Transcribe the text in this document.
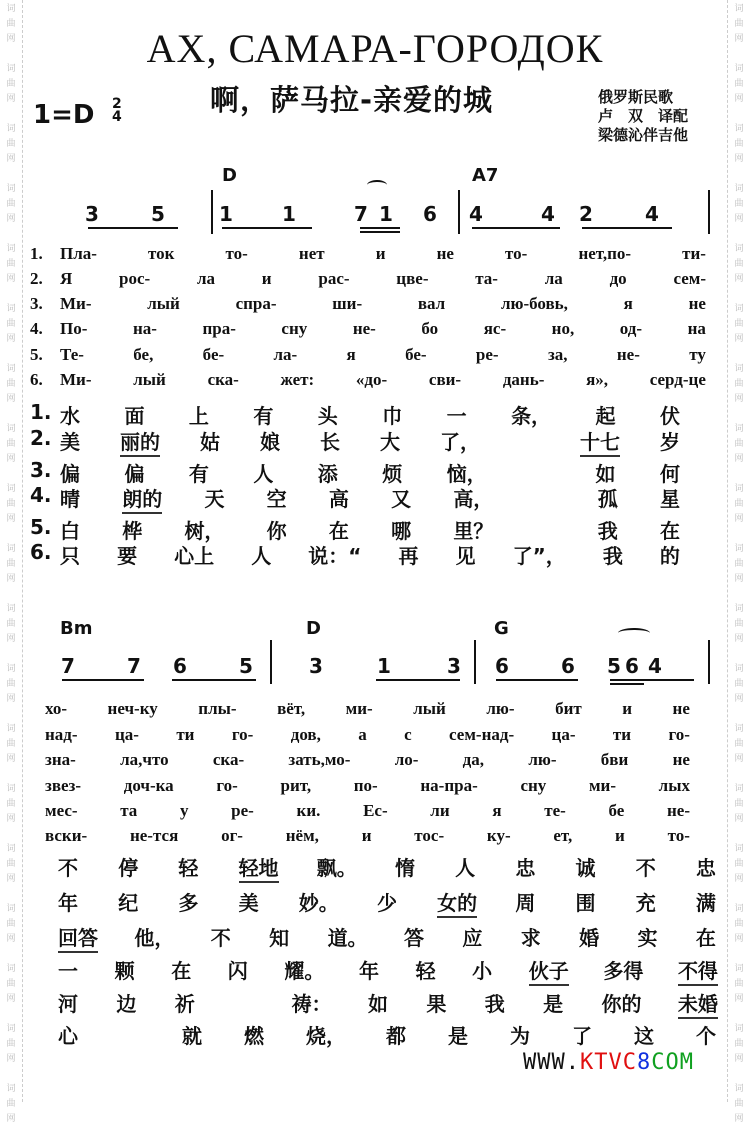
词曲网
词曲网
词曲网
词曲网
词曲网
词曲网
词曲网
词曲网
词曲网
词曲网
词曲网
词曲网
词曲网
词曲网
词曲网
词曲网
词曲网
词曲网
词曲网
词曲网
词曲网
词曲网
词曲网
词曲网
词曲网
词曲网
词曲网
词曲网
词曲网
词曲网
词曲网
词曲网
词曲网
词曲网
词曲网
词曲网
词曲网
词曲网
АХ, САМАРА-ГОРОДОК
啊，萨马拉-亲爱的城
1=D 2
4
俄罗斯民歌
卢　双　译配
梁德沁伴吉他
D	A7
3	5	1 1	7 1 6 4	4 2	4
1. Пла-	ток	то-	нет	и	не	то-	нет,по-	ти-
2. Я	рос-	ла	и	рас-	цве-	та-	ла	до	сем-
3. Ми-	лый	спра-	ши-	вал	лю-бовь,	я	не
4. По-	на-	пра-	сну	не-	бо	яс-	но,	од-	на
5. Те-	бе,	бе-	ла-	я	бе-	ре-	за,	не-	ту
6. Ми- лый ска- жет: «до- сви- дань- я», серд-це
1. 水 面 上 有 头 巾 一 条， 起 伏
2. 美 丽的 姑 娘 长 大 了，	十七 岁
3. 偏 偏 有 人 添 烦 恼，	如 何
4. 晴 朗的 天 空 高 又 高，	孤 星
5. 白 桦 树， 你 在 哪 里？	我 在
6. 只 要 心上 人 说：“ 再 见 了”， 我 的
Bm	D	G
7	7 6	5	3	1	3 6	6 5 6 4
хо- неч-ку плы- вёт, ми- лый лю- бит и не
над- ца- ти го- дов, а с сем-над- ца- ти го-
зна-	ла,что	ска-	зать,мо-	ло-	да,	лю-	бви	не
звез-	доч-ка	го-	рит,	по-	на-пра-	сну	ми-	лых
мес-	та	у	ре-	ки.	Ес-	ли	я	те-	бе	не-
вски-	не-тся	ог-	нём,	и	тос-	ку-	ет,	и	то-
不 停 轻 轻地 飘。 惰 人 忠 诚 不 忠
年 纪 多 美 妙。 少 女的 周 围 充 满
回答 他， 不 知 道。 答 应 求 婚 实 在
一 颗 在 闪 耀。 年 轻 小 伙子 多得 不得
河 边 祈	祷： 如 果 我 是 你的 未婚
心	就 燃 烧， 都 是 为 了 这 个
WWW.KTVC8COM
